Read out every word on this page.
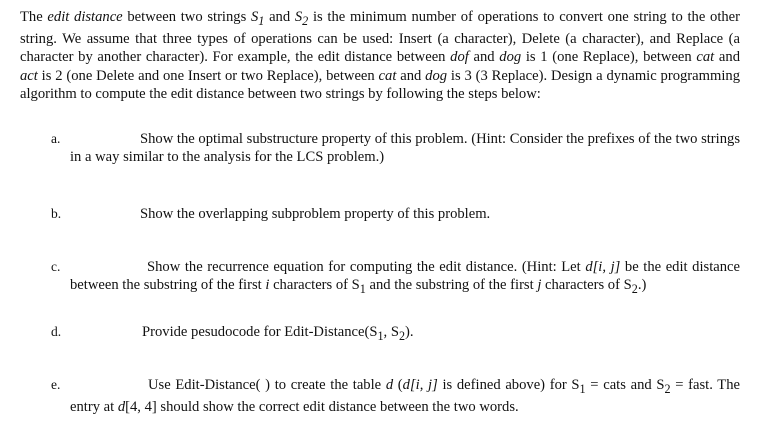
The edit distance between two strings $S_1$ and $S_2$ is the minimum number of operations to convert one string to the other string. We assume that three types of operations can be used: Insert (a character), Delete (a character), and Replace (a character by another character). For example, the edit distance between dof and dog is 1 (one Replace), between cat and act is 2 (one Delete and one Insert or two Replace), between cat and dog is 3 (3 Replace). Design a dynamic programming algorithm to compute the edit distance between two strings by following the steps below:
a.	Show the optimal substructure property of this problem. (Hint: Consider the prefixes of the two strings in a way similar to the analysis for the LCS problem.)
b.	Show the overlapping subproblem property of this problem.
c.	Show the recurrence equation for computing the edit distance. (Hint: Let d[i, j] be the edit distance between the substring of the first i characters of $S_1$ and the substring of the first j characters of $S_2$.)
d.	Provide pesudocode for Edit-$Distance(S_1$, $S_2$).
e.	Use Edit-Distance( ) to create the table d (d[i, j] is defined above) for $S_1$ = cats and $S_2$ = fast. The entry at d[4, 4] should show the correct edit distance between the two words.
